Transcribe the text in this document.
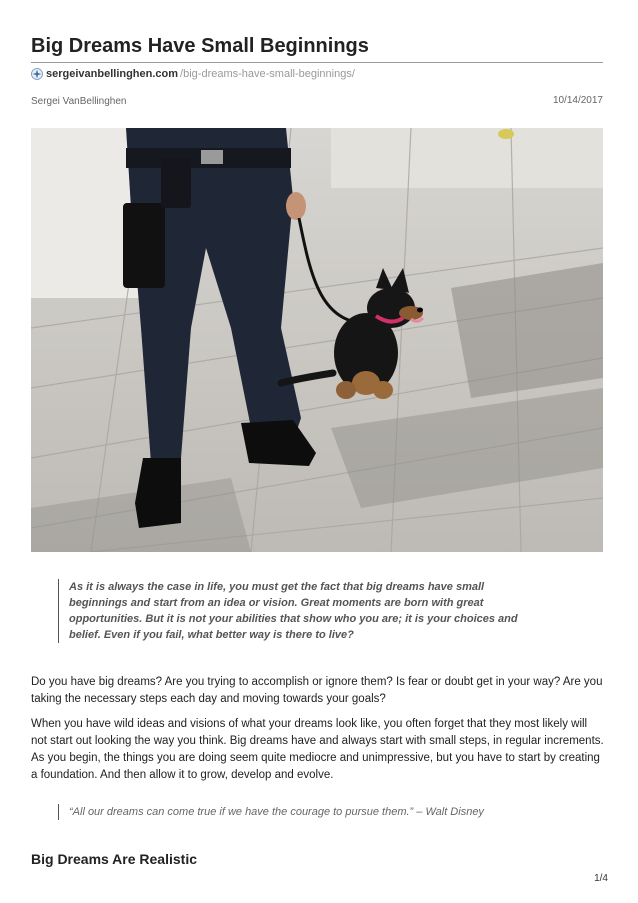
Big Dreams Have Small Beginnings
sergeivanbellinghen.com /big-dreams-have-small-beginnings/
Sergei VanBellinghen	10/14/2017

As it is always the case in life, you must get the fact that big dreams have small beginnings and start from an idea or vision. Great moments are born with great opportunities. But it is not your abilities that show who you are; it is your choices and belief. Even if you fail, what better way is there to live?

Do you have big dreams? Are you trying to accomplish or ignore them? Is fear or doubt get in your way? Are you taking the necessary steps each day and moving towards your goals?

When you have wild ideas and visions of what your dreams look like, you often forget that they most likely will not start out looking the way you think. Big dreams have and always start with small steps, in regular increments. As you begin, the things you are doing seem quite mediocre and unimpressive, but you have to start by creating a foundation. And then allow it to grow, develop and evolve.

“All our dreams can come true if we have the courage to pursue them.” – Walt Disney

Big Dreams Are Realistic
1/4
